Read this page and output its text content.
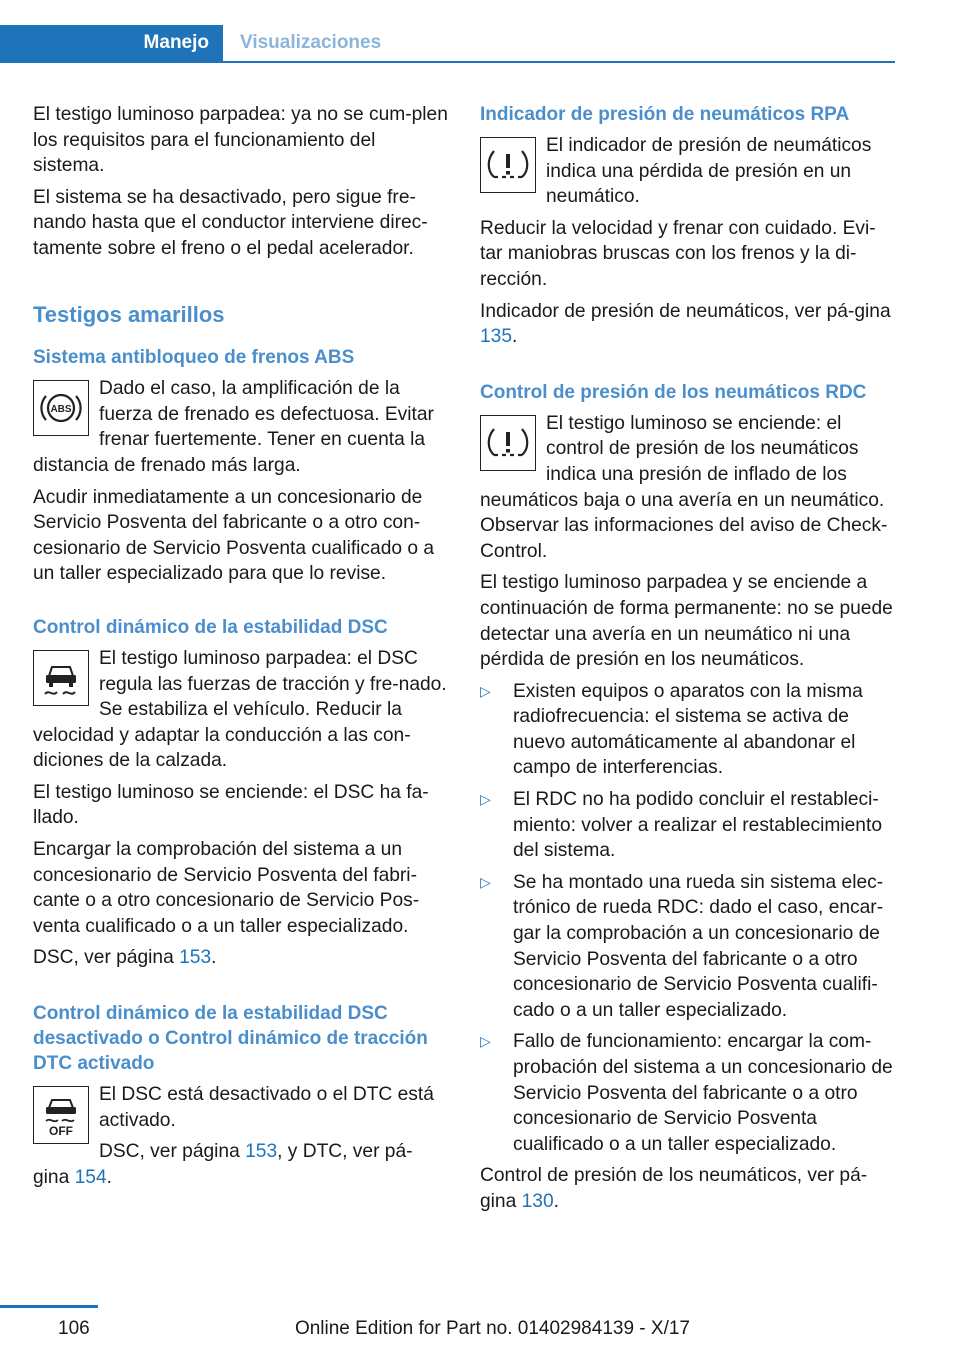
Manejo	Visualizaciones

El testigo luminoso parpadea: ya no se cum-plen los requisitos para el funcionamiento del sistema.

El sistema se ha desactivado, pero sigue fre-nando hasta que el conductor interviene direc-tamente sobre el freno o el pedal acelerador.

Testigos amarillos
Sistema antibloqueo de frenos ABS
ABS

Dado el caso, la amplificación de la fuerza de frenado es defectuosa. Evitar frenar fuertemente. Tener en cuenta la distancia de frenado más larga.

Acudir inmediatamente a un concesionario de Servicio Posventa del fabricante o a otro con-cesionario de Servicio Posventa cualificado o a un taller especializado para que lo revise.

Control dinámico de la estabilidad DSC

El testigo luminoso parpadea: el DSC regula las fuerzas de tracción y fre-nado. Se estabiliza el vehículo. Reducir la velocidad y adaptar la conducción a las con-diciones de la calzada.

El testigo luminoso se enciende: el DSC ha fa-llado.

Encargar la comprobación del sistema a un concesionario de Servicio Posventa del fabri-cante o a otro concesionario de Servicio Pos-venta cualificado o a un taller especializado.

DSC, ver página 153.

Control dinámico de la estabilidad DSC desactivado o Control dinámico de tracción DTC activado
OFF

El DSC está desactivado o el DTC está activado.

DSC, ver página 153, y DTC, ver pá-gina 154.

Indicador de presión de neumáticos RPA

El indicador de presión de neumáticos indica una pérdida de presión en un neumático.

Reducir la velocidad y frenar con cuidado. Evi-tar maniobras bruscas con los frenos y la di-rección.

Indicador de presión de neumáticos, ver pá-gina 135.

Control de presión de los neumáticos RDC

El testigo luminoso se enciende: el control de presión de los neumáticos indica una presión de inflado de los neumáticos baja o una avería en un neumático. Observar las informaciones del aviso de Check-Control.

El testigo luminoso parpadea y se enciende a continuación de forma permanente: no se puede detectar una avería en un neumático ni una pérdida de presión en los neumáticos.

▷ Existen equipos o aparatos con la misma radiofrecuencia: el sistema se activa de nuevo automáticamente al abandonar el campo de interferencias.
▷ El RDC no ha podido concluir el restableci-miento: volver a realizar el restablecimiento del sistema.
▷ Se ha montado una rueda sin sistema elec-trónico de rueda RDC: dado el caso, encar-gar la comprobación a un concesionario de Servicio Posventa del fabricante o a otro concesionario de Servicio Posventa cualifi-cado o a un taller especializado.
▷ Fallo de funcionamiento: encargar la com-probación del sistema a un concesionario de Servicio Posventa del fabricante o a otro concesionario de Servicio Posventa cualificado o a un taller especializado.

Control de presión de los neumáticos, ver pá-gina 130.

106	Online Edition for Part no. 01402984139 - X/17
